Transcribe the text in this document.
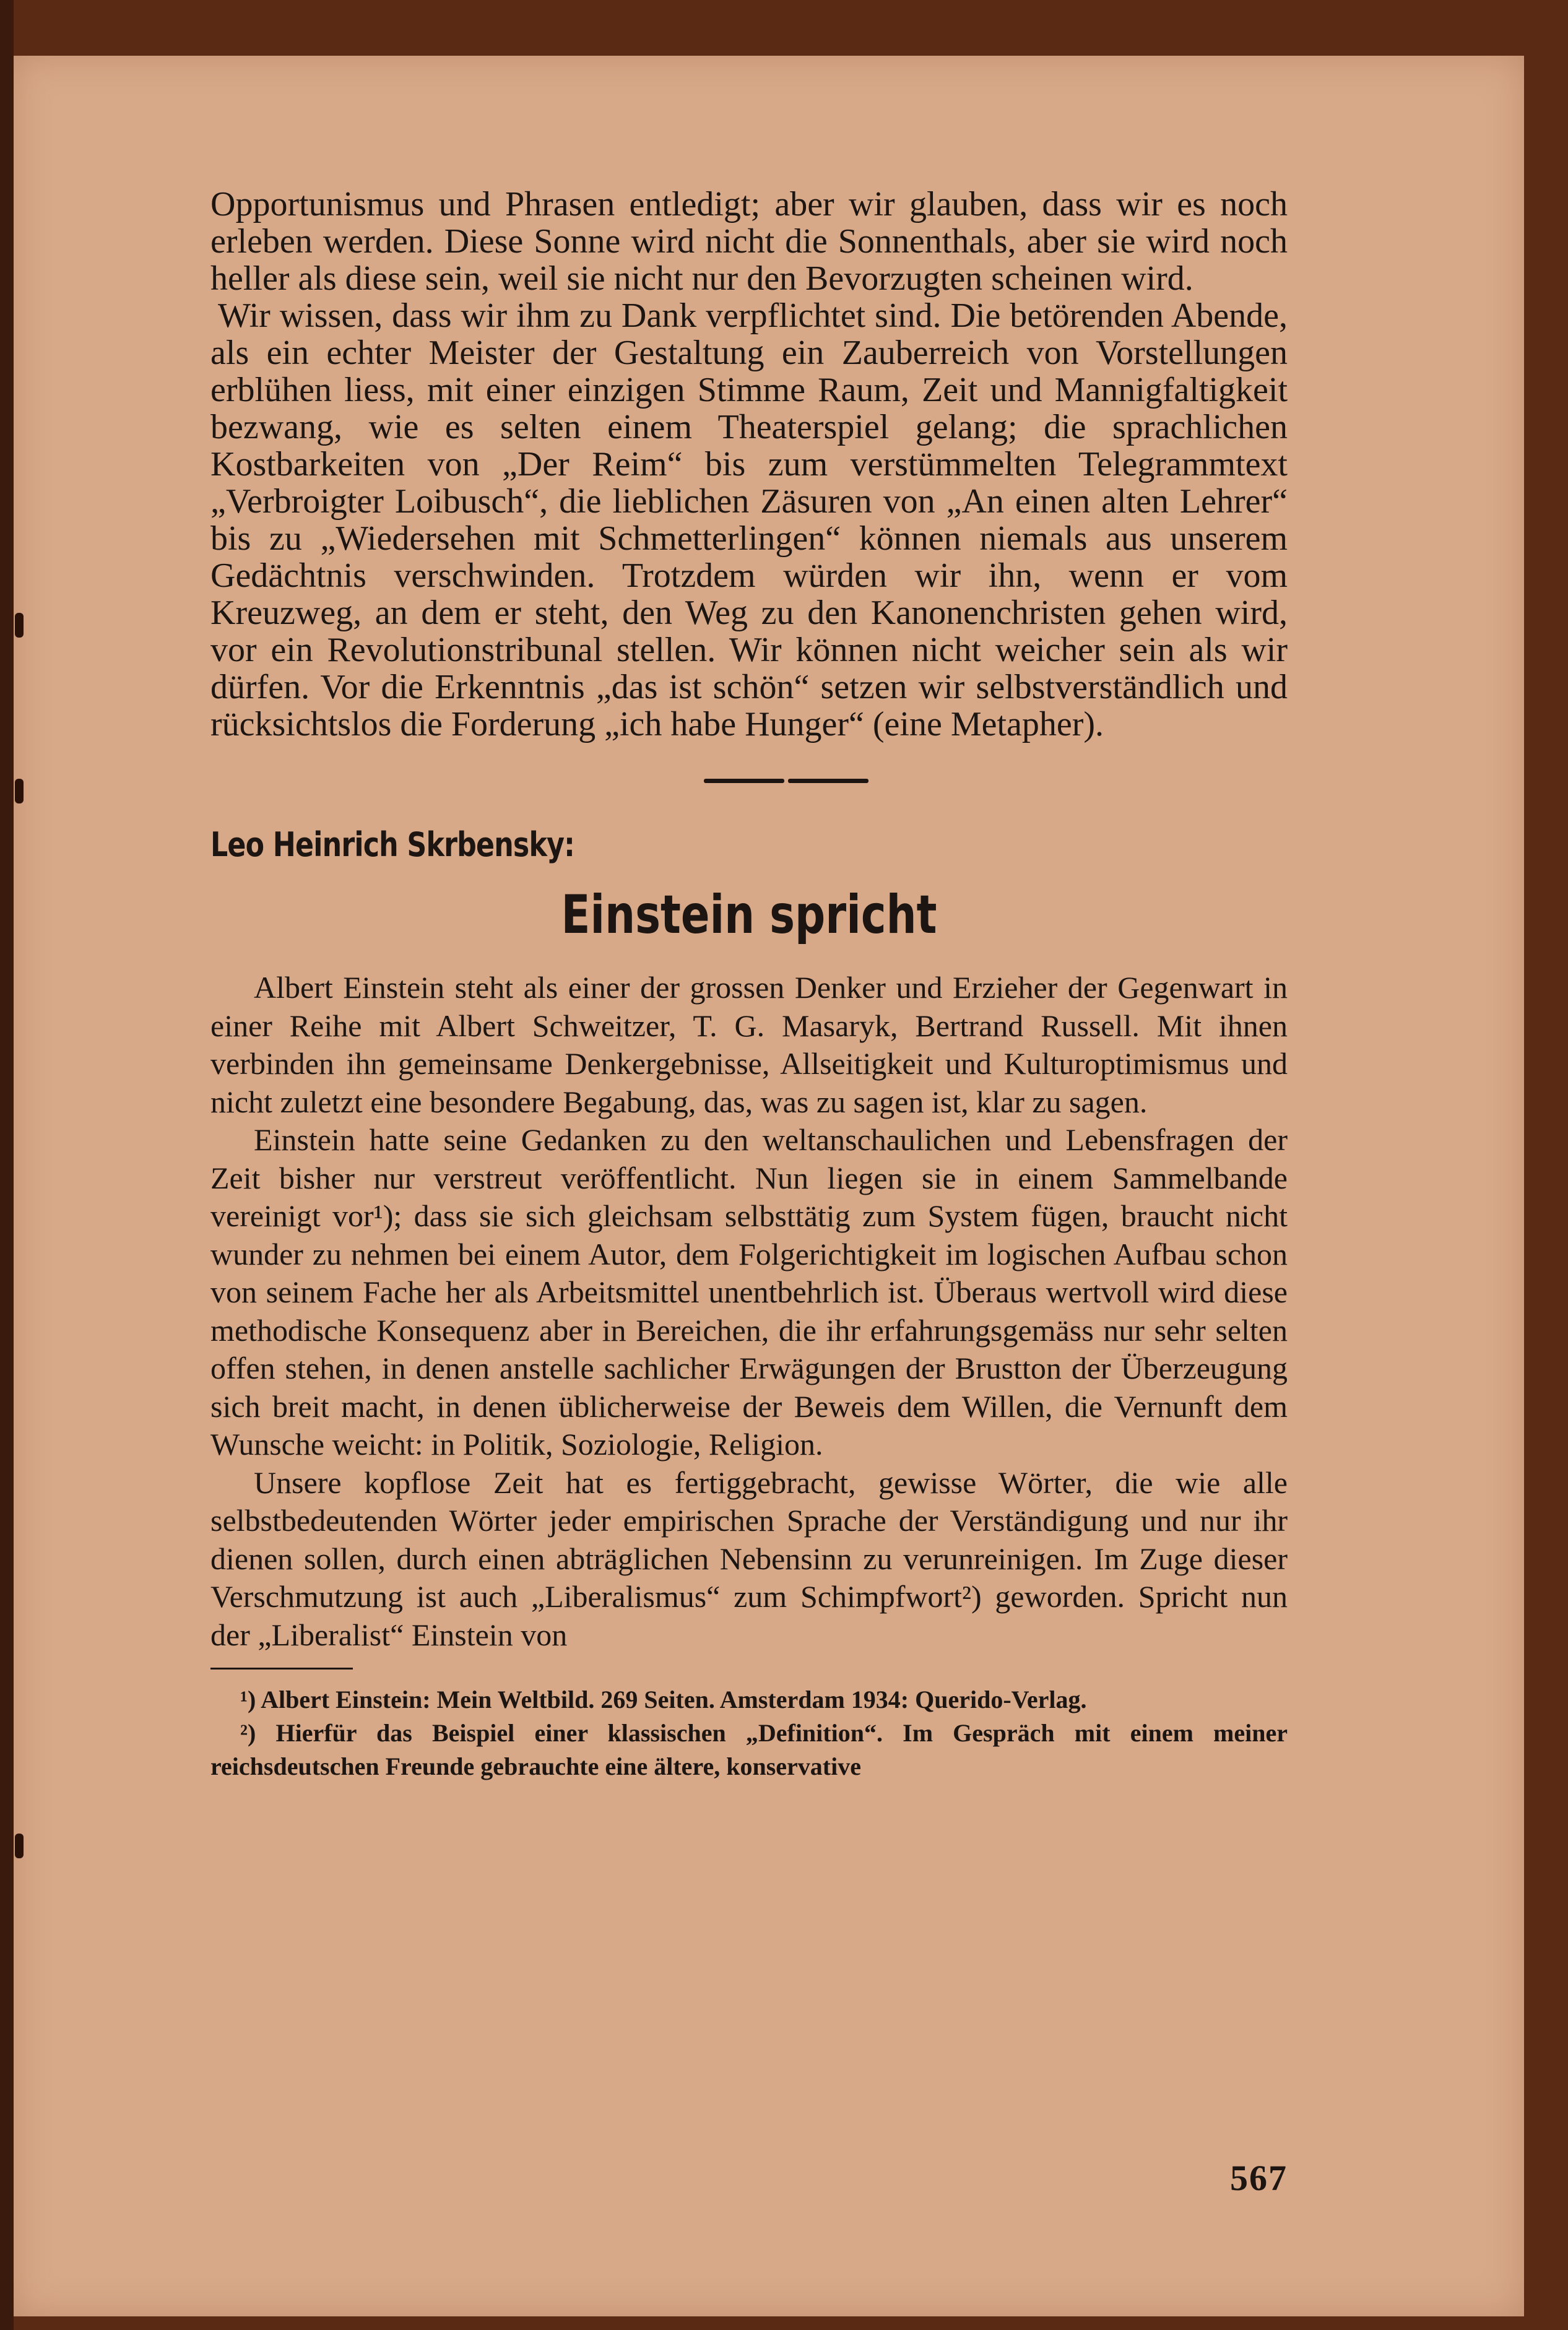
Opportunismus und Phrasen entledigt; aber wir glauben, dass wir es noch erleben werden. Diese Sonne wird nicht die Sonnenthals, aber sie wird noch heller als diese sein, weil sie nicht nur den Bevorzugten scheinen wird.

Wir wissen, dass wir ihm zu Dank verpflichtet sind. Die betörenden Abende, als ein echter Meister der Gestaltung ein Zauberreich von Vorstellungen erblühen liess, mit einer einzigen Stimme Raum, Zeit und Mannigfaltigkeit bezwang, wie es selten einem Theaterspiel gelang; die sprachlichen Kostbarkeiten von „Der Reim“ bis zum verstümmelten Telegrammtext „Verbroigter Loibusch“, die lieblichen Zäsuren von „An einen alten Lehrer“ bis zu „Wiedersehen mit Schmetterlingen“ können niemals aus unserem Gedächtnis verschwinden. Trotzdem würden wir ihn, wenn er vom Kreuzweg, an dem er steht, den Weg zu den Kanonenchristen gehen wird, vor ein Revolutionstribunal stellen. Wir können nicht weicher sein als wir dürfen. Vor die Erkenntnis „das ist schön“ setzen wir selbstverständlich und rücksichtslos die Forderung „ich habe Hunger“ (eine Metapher).

Leo Heinrich Skrbensky:
Einstein spricht

Albert Einstein steht als einer der grossen Denker und Erzieher der Gegenwart in einer Reihe mit Albert Schweitzer, T. G. Masaryk, Bertrand Russell. Mit ihnen verbinden ihn gemeinsame Denkergebnisse, Allseitigkeit und Kulturoptimismus und nicht zuletzt eine besondere Begabung, das, was zu sagen ist, klar zu sagen.

Einstein hatte seine Gedanken zu den weltanschaulichen und Lebensfragen der Zeit bisher nur verstreut veröffentlicht. Nun liegen sie in einem Sammelbande vereinigt vor¹); dass sie sich gleichsam selbsttätig zum System fügen, braucht nicht wunder zu nehmen bei einem Autor, dem Folgerichtigkeit im logischen Aufbau schon von seinem Fache her als Arbeitsmittel unentbehrlich ist. Überaus wertvoll wird diese methodische Konsequenz aber in Bereichen, die ihr erfahrungsgemäss nur sehr selten offen stehen, in denen anstelle sachlicher Erwägungen der Brustton der Überzeugung sich breit macht, in denen üblicherweise der Beweis dem Willen, die Vernunft dem Wunsche weicht: in Politik, Soziologie, Religion.

Unsere kopflose Zeit hat es fertiggebracht, gewisse Wörter, die wie alle selbstbedeutenden Wörter jeder empirischen Sprache der Verständigung und nur ihr dienen sollen, durch einen abträglichen Nebensinn zu verunreinigen. Im Zuge dieser Verschmutzung ist auch „Liberalismus“ zum Schimpfwort²) geworden. Spricht nun der „Liberalist“ Einstein von

¹) Albert Einstein: Mein Weltbild. 269 Seiten. Amsterdam 1934: Querido-Verlag.

²) Hierfür das Beispiel einer klassischen „Definition“. Im Gespräch mit einem meiner reichsdeutschen Freunde gebrauchte eine ältere, konservative

567
